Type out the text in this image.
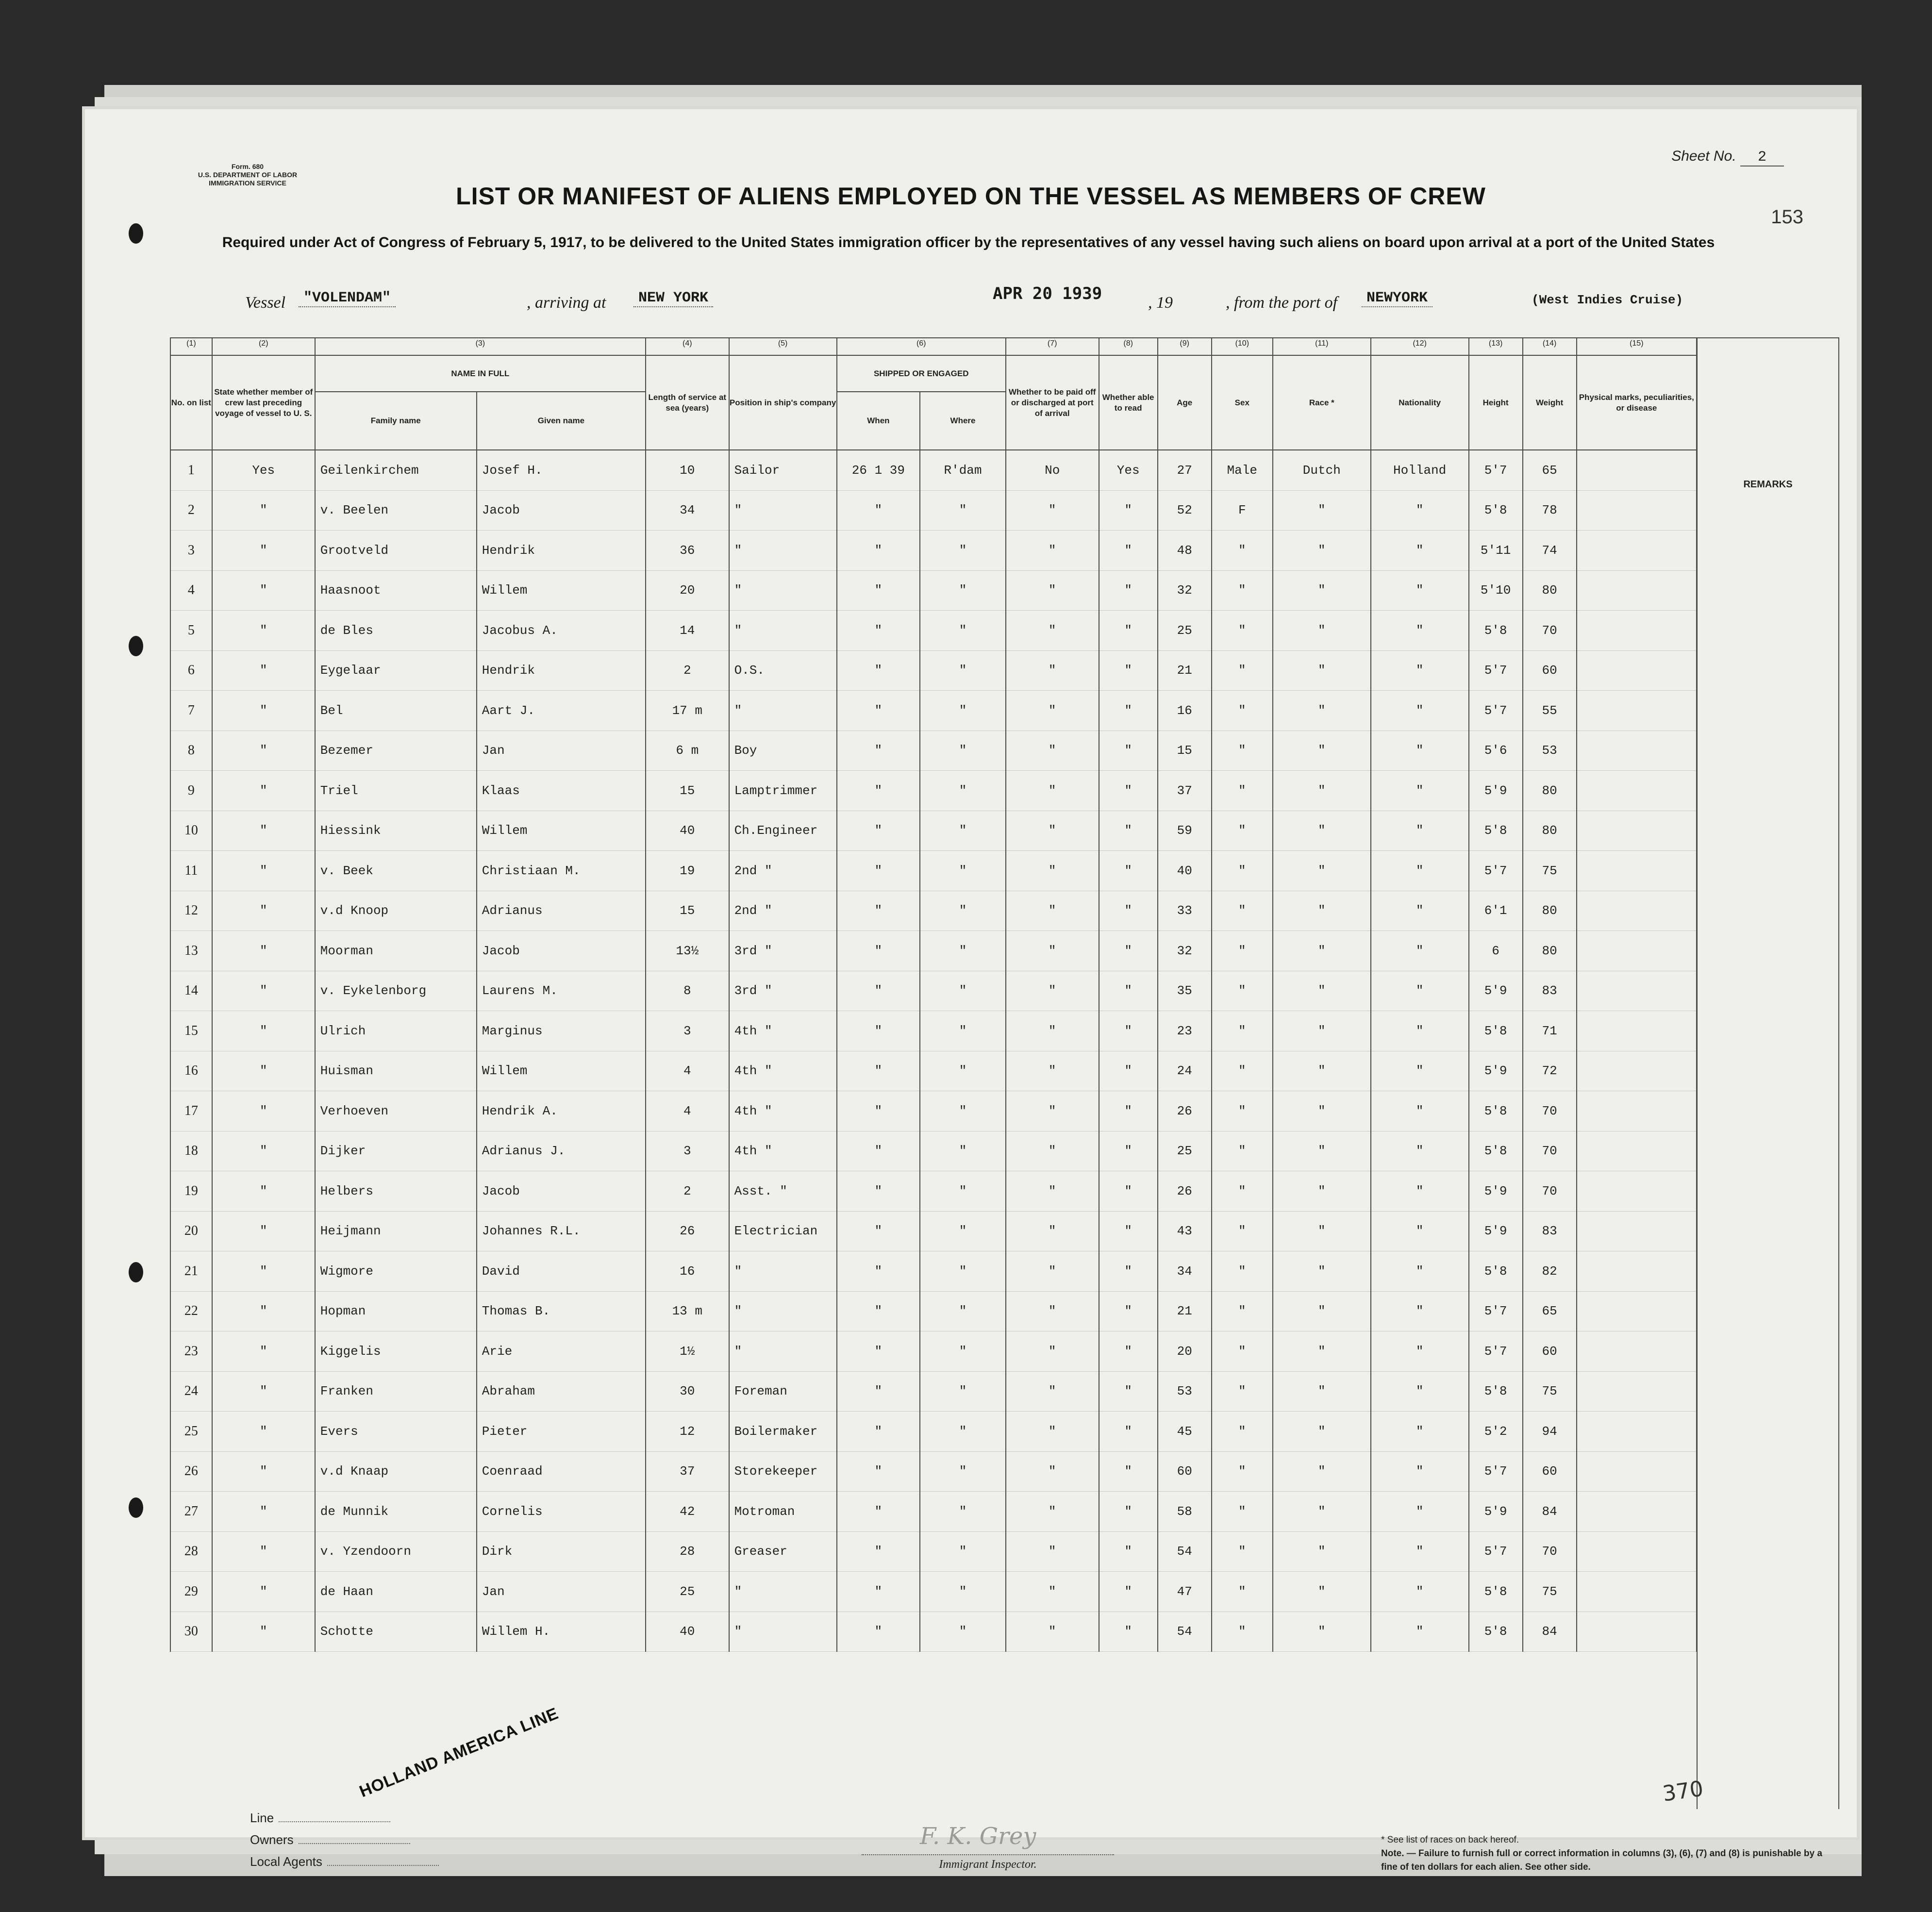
Form. 680
U.S. DEPARTMENT OF LABOR
IMMIGRATION SERVICE
Sheet No. 2
153
LIST OR MANIFEST OF ALIENS EMPLOYED ON THE VESSEL AS MEMBERS OF CREW
Required under Act of Congress of February 5, 1917, to be delivered to the United States immigration officer by the representatives of any vessel having such aliens on board upon arrival at a port of the United States
Vessel	"VOLENDAM"	, arriving at	NEW YORK	APR 20 1939	, 19	, from the port of	NEWYORK	(West Indies Cruise)
(1)	(2)	(3)		(4)	(5)	(6)		(7)	(8)	(9)	(10)	(11)	(12)	(13)	(14)	(15)	
No. on list	State whether member of crew last preceding voyage of vessel to U. S.	NAME IN FULL		Length of service at sea (years)	Position in ship's company	SHIPPED OR ENGAGED		Whether to be paid off or discharged at port of arrival	Whether able to read	Age	Sex	Race *	Nationality	Height	Weight	Physical marks, peculiarities, or disease	
		Family name	Given name			When	Where										
1	Yes	Geilenkirchem	Josef H.	10	Sailor	26 1 39	R'dam	No	Yes	27	Male	Dutch	Holland	5'7	65		
2	"	v. Beelen	Jacob	34	"	"	"	"	"	52	F	"	"	5'8	78		
3	"	Grootveld	Hendrik	36	"	"	"	"	"	48	"	"	"	5'11	74		
4	"	Haasnoot	Willem	20	"	"	"	"	"	32	"	"	"	5'10	80		
5	"	de Bles	Jacobus A.	14	"	"	"	"	"	25	"	"	"	5'8	70		
6	"	Eygelaar	Hendrik	2	O.S.	"	"	"	"	21	"	"	"	5'7	60		
7	"	Bel	Aart J.	17 m	"	"	"	"	"	16	"	"	"	5'7	55		
8	"	Bezemer	Jan	6 m	Boy	"	"	"	"	15	"	"	"	5'6	53		
9	"	Triel	Klaas	15	Lamptrimmer	"	"	"	"	37	"	"	"	5'9	80		
10	"	Hiessink	Willem	40	Ch.Engineer	"	"	"	"	59	"	"	"	5'8	80		
11	"	v. Beek	Christiaan M.	19	2nd "	"	"	"	"	40	"	"	"	5'7	75		
12	"	v.d Knoop	Adrianus	15	2nd "	"	"	"	"	33	"	"	"	6'1	80		
13	"	Moorman	Jacob	13½	3rd "	"	"	"	"	32	"	"	"	6	80		
14	"	v. Eykelenborg	Laurens M.	8	3rd "	"	"	"	"	35	"	"	"	5'9	83		
15	"	Ulrich	Marginus	3	4th "	"	"	"	"	23	"	"	"	5'8	71		
16	"	Huisman	Willem	4	4th "	"	"	"	"	24	"	"	"	5'9	72		
17	"	Verhoeven	Hendrik A.	4	4th "	"	"	"	"	26	"	"	"	5'8	70		
18	"	Dijker	Adrianus J.	3	4th "	"	"	"	"	25	"	"	"	5'8	70		
19	"	Helbers	Jacob	2	Asst. "	"	"	"	"	26	"	"	"	5'9	70		
20	"	Heijmann	Johannes R.L.	26	Electrician	"	"	"	"	43	"	"	"	5'9	83		
21	"	Wigmore	David	16	"	"	"	"	"	34	"	"	"	5'8	82		
22	"	Hopman	Thomas B.	13 m	"	"	"	"	"	21	"	"	"	5'7	65		
23	"	Kiggelis	Arie	1½	"	"	"	"	"	20	"	"	"	5'7	60		
24	"	Franken	Abraham	30	Foreman	"	"	"	"	53	"	"	"	5'8	75		
25	"	Evers	Pieter	12	Boilermaker	"	"	"	"	45	"	"	"	5'2	94		
26	"	v.d Knaap	Coenraad	37	Storekeeper	"	"	"	"	60	"	"	"	5'7	60		
27	"	de Munnik	Cornelis	42	Motroman	"	"	"	"	58	"	"	"	5'9	84		
28	"	v. Yzendoorn	Dirk	28	Greaser	"	"	"	"	54	"	"	"	5'7	70		
29	"	de Haan	Jan	25	"	"	"	"	"	47	"	"	"	5'8	75		
30	"	Schotte	Willem H.	40	"	"	"	"	"	54	"	"	"	5'8	84		
REMARKS
Line
Owners
Local Agents
HOLLAND AMERICA LINE
F. K. Grey
Immigrant Inspector.
370
* See list of races on back hereof.
Note. — Failure to furnish full or correct information in columns (3), (6), (7) and (8) is punishable by a fine of ten dollars for each alien. See other side.
